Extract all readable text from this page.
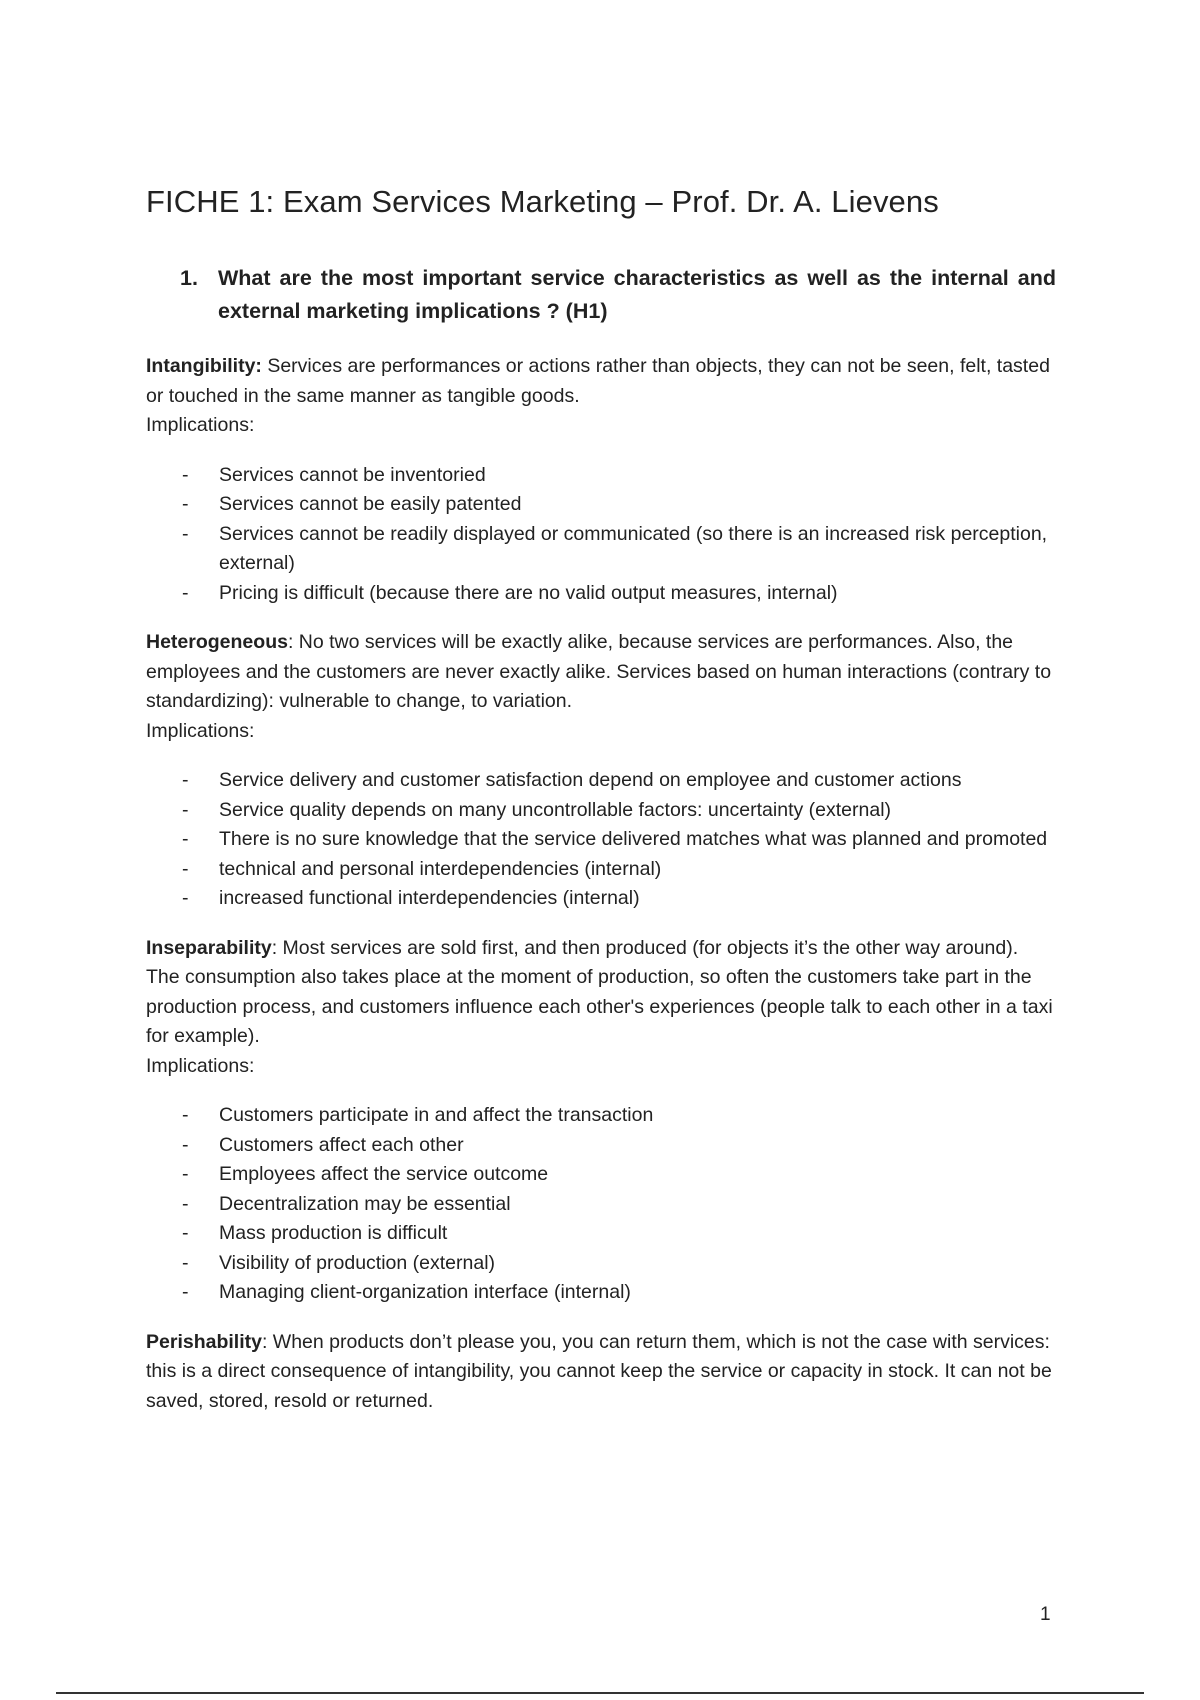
FICHE 1: Exam Services Marketing – Prof. Dr. A. Lievens
1. What are the most important service characteristics as well as the internal and external marketing implications ? (H1)

Intangibility: Services are performances or actions rather than objects, they can not be seen, felt, tasted or touched in the same manner as tangible goods.

Implications:

- Services cannot be inventoried
- Services cannot be easily patented
- Services cannot be readily displayed or communicated (so there is an increased risk perception, external)
- Pricing is difficult (because there are no valid output measures, internal)

Heterogeneous: No two services will be exactly alike, because services are performances. Also, the employees and the customers are never exactly alike. Services based on human interactions (contrary to standardizing): vulnerable to change, to variation.

Implications:

- Service delivery and customer satisfaction depend on employee and customer actions
- Service quality depends on many uncontrollable factors: uncertainty (external)
- There is no sure knowledge that the service delivered matches what was planned and promoted
- technical and personal interdependencies (internal)
- increased functional interdependencies (internal)

Inseparability: Most services are sold first, and then produced (for objects it’s the other way around). The consumption also takes place at the moment of production, so often the customers take part in the production process, and customers influence each other's experiences (people talk to each other in a taxi for example).

Implications:

- Customers participate in and affect the transaction
- Customers affect each other
- Employees affect the service outcome
- Decentralization may be essential
- Mass production is difficult
- Visibility of production (external)
- Managing client-organization interface (internal)

Perishability: When products don’t please you, you can return them, which is not the case with services: this is a direct consequence of intangibility, you cannot keep the service or capacity in stock. It can not be saved, stored, resold or returned.

1
